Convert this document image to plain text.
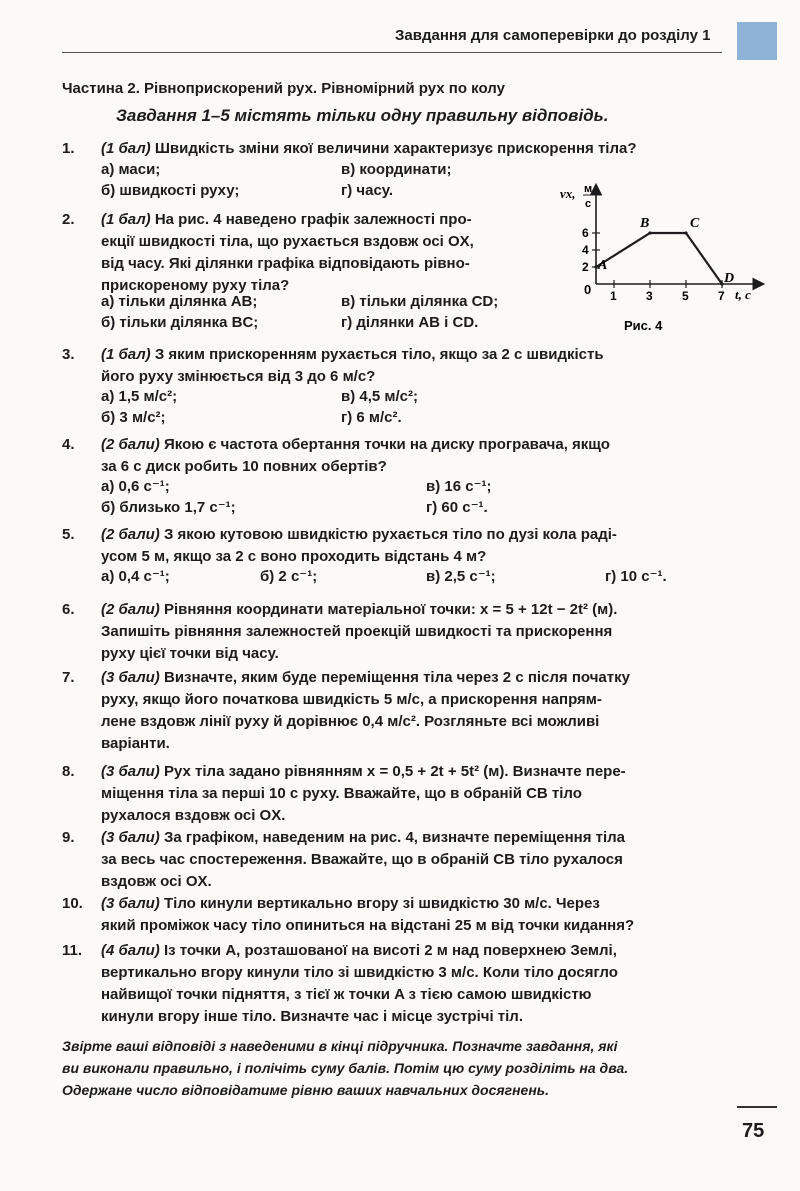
Завдання для самоперевірки до розділу 1
Частина 2. Рівноприскорений рух. Рівномірний рух по колу
Завдання 1–5 містять тільки одну правильну відповідь.
1.	(1 бал) Швидкість зміни якої величини характеризує прискорення тіла?
а) маси;	в) координати;
б) швидкості руху;	г) часу.
2.	(1 бал) На рис. 4 наведено графік залежності про-
екції швидкості тіла, що рухається вздовж осі OX,
від часу. Які ділянки графіка відповідають рівно-
прискореному руху тіла?
а) тільки ділянка AB;	в) тільки ділянка CD;
б) тільки ділянка BC;	г) ділянки AB і CD.
2
4
6
1 3 5 7
A
B	C
D
vx, м
с
t, с
0
Рис. 4
3.	(1 бал) З яким прискоренням рухається тіло, якщо за 2 с швидкість
його руху змінюється від 3 до 6 м/с?
а) 1,5 м/с²;	в) 4,5 м/с²;
б) 3 м/с²;	г) 6 м/с².
4.	(2 бали) Якою є частота обертання точки на диску програвача, якщо
за 6 с диск робить 10 повних обертів?
а) 0,6 с⁻¹;	в) 16 с⁻¹;
б) близько 1,7 с⁻¹;	г) 60 с⁻¹.
5.	(2 бали) З якою кутовою швидкістю рухається тіло по дузі кола раді-
усом 5 м, якщо за 2 с воно проходить відстань 4 м?
а) 0,4 с⁻¹;	б) 2 с⁻¹;	в) 2,5 с⁻¹;	г) 10 с⁻¹.
6.	(2 бали) Рівняння координати матеріальної точки: x = 5 + 12t − 2t² (м).
Запишіть рівняння залежностей проекцій швидкості та прискорення
руху цієї точки від часу.
7.	(3 бали) Визначте, яким буде переміщення тіла через 2 с після початку
руху, якщо його початкова швидкість 5 м/с, а прискорення напрям-
лене вздовж лінії руху й дорівнює 0,4 м/с². Розгляньте всі можливі
варіанти.
8.	(3 бали) Рух тіла задано рівнянням x = 0,5 + 2t + 5t² (м). Визначте пере-
міщення тіла за перші 10 с руху. Вважайте, що в обраній СВ тіло
рухалося вздовж осі OX.
9.	(3 бали) За графіком, наведеним на рис. 4, визначте переміщення тіла
за весь час спостереження. Вважайте, що в обраній СВ тіло рухалося
вздовж осі OX.
10.	(3 бали) Тіло кинули вертикально вгору зі швидкістю 30 м/с. Через
який проміжок часу тіло опиниться на відстані 25 м від точки кидання?
11.	(4 бали) Із точки A, розташованої на висоті 2 м над поверхнею Землі,
вертикально вгору кинули тіло зі швидкістю 3 м/с. Коли тіло досягло
найвищої точки підняття, з тієї ж точки A з тією самою швидкістю
кинули вгору інше тіло. Визначте час і місце зустрічі тіл.
Звірте ваші відповіді з наведеними в кінці підручника. Позначте завдання, які
ви виконали правильно, і полічіть суму балів. Потім цю суму розділіть на два.
Одержане число відповідатиме рівню ваших навчальних досягнень.
75
